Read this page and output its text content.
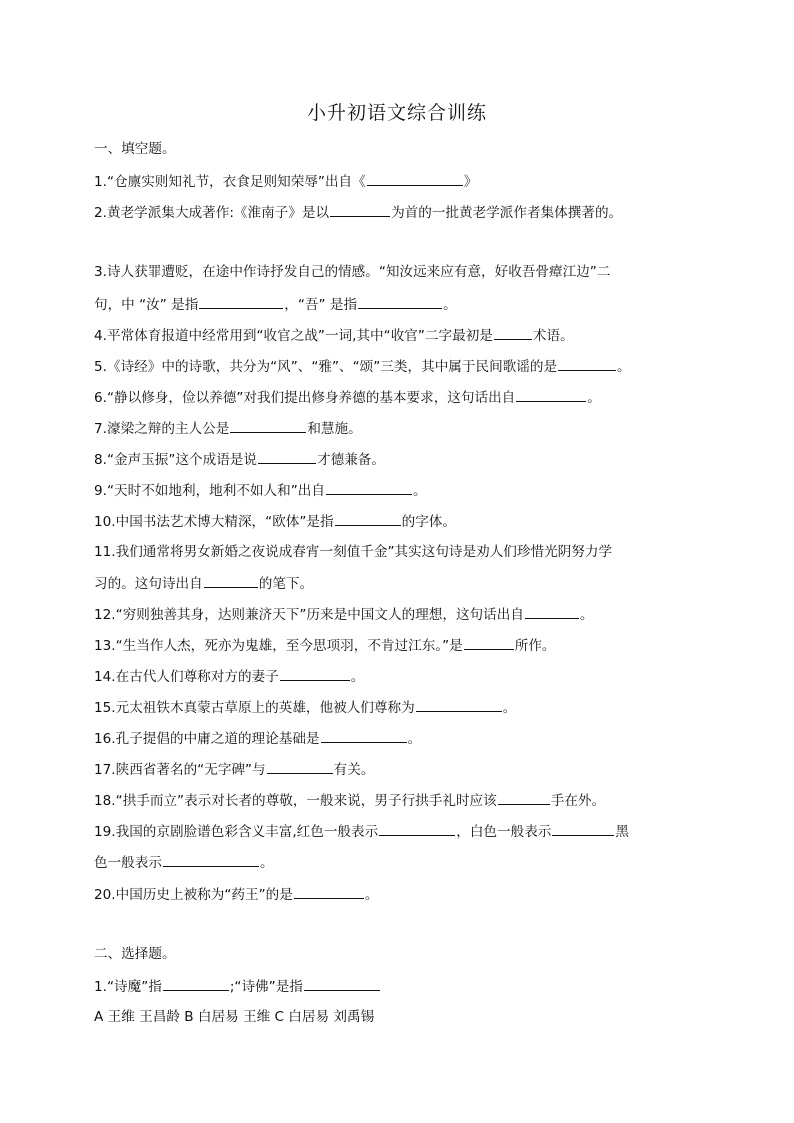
小升初语文综合训练
一、填空题。
1.“仓廪实则知礼节，衣食足则知荣辱”出自《	》
2.黄老学派集大成著作:《淮南子》是以	为首的一批黄老学派作者集体撰著的。
3.诗人获罪遭贬，在途中作诗抒发自己的情感。“知汝远来应有意，好收吾骨瘴江边”二
句，中 “汝” 是指	，“吾” 是指	。
4.平常体育报道中经常用到“收官之战”一词,其中“收官”二字最初是	术语。
5.《诗经》中的诗歌，共分为“风”、“雅”、“颂”三类，其中属于民间歌谣的是	。
6.“静以修身，俭以养德”对我们提出修身养德的基本要求，这句话出自	。
7.濠梁之辩的主人公是	和慧施。
8.“金声玉振”这个成语是说	才德兼备。
9.“天时不如地利，地利不如人和”出自	。
10.中国书法艺术博大精深，“欧体”是指	的字体。
11.我们通常将男女新婚之夜说成春宵一刻值千金”其实这句诗是劝人们珍惜光阴努力学
习的。这句诗出自	的笔下。
12.“穷则独善其身，达则兼济天下”历来是中国文人的理想，这句话出自	。
13.“生当作人杰，死亦为鬼雄，至今思项羽，不肯过江东。”是	所作。
14.在古代人们尊称对方的妻子	。
15.元太祖铁木真蒙古草原上的英雄，他被人们尊称为	。
16.孔子提倡的中庸之道的理论基础是	。
17.陕西省著名的“无字碑”与	有关。
18.“拱手而立”表示对长者的尊敬，一般来说，男子行拱手礼时应该	手在外。
19.我国的京剧脸谱色彩含义丰富,红色一般表示	，白色一般表示	黑
色一般表示	。
20.中国历史上被称为“药王”的是	。
二、选择题。
1.“诗魔”指	;“诗佛”是指
A 王维 王昌龄 B 白居易 王维 C 白居易 刘禹锡
